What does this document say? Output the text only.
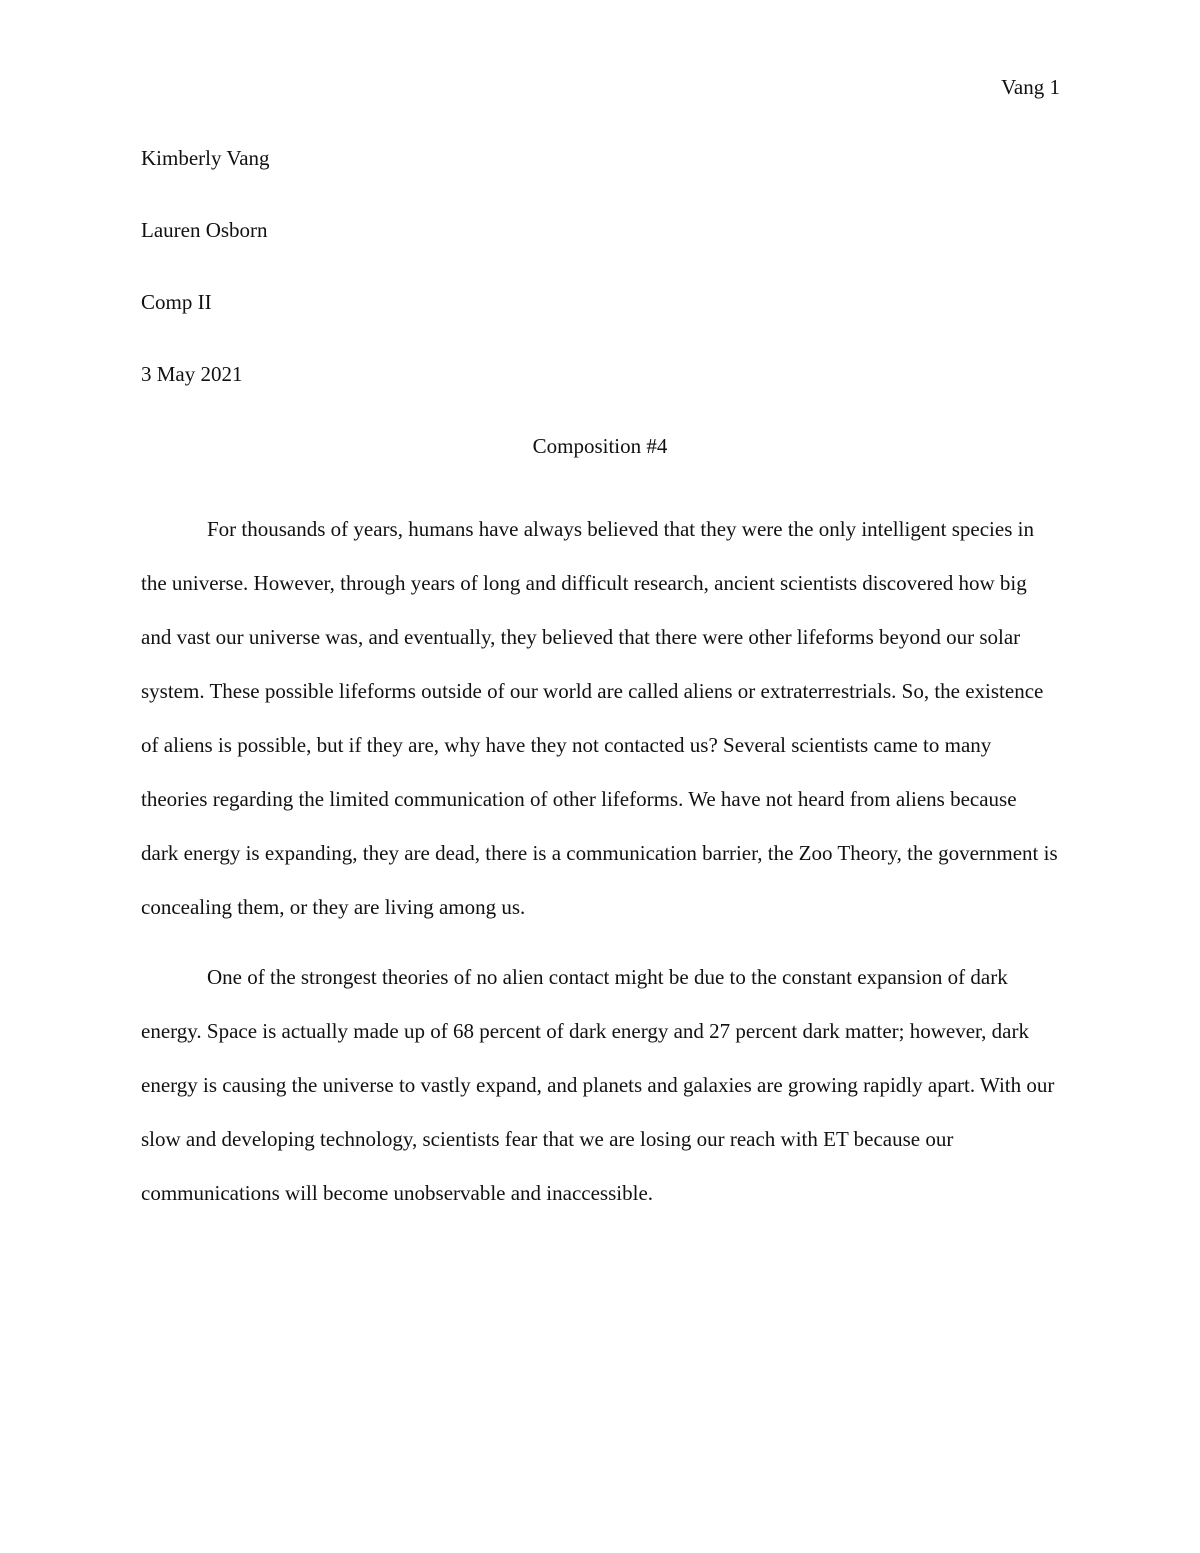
Vang 1

Kimberly Vang

Lauren Osborn

Comp II

3 May 2021

Composition #4

For thousands of years, humans have always believed that they were the only intelligent species in the universe. However, through years of long and difficult research, ancient scientists discovered how big and vast our universe was, and eventually, they believed that there were other lifeforms beyond our solar system. These possible lifeforms outside of our world are called aliens or extraterrestrials. So, the existence of aliens is possible, but if they are, why have they not contacted us? Several scientists came to many theories regarding the limited communication of other lifeforms. We have not heard from aliens because dark energy is expanding, they are dead, there is a communication barrier, the Zoo Theory, the government is concealing them, or they are living among us.

One of the strongest theories of no alien contact might be due to the constant expansion of dark energy. Space is actually made up of 68 percent of dark energy and 27 percent dark matter; however, dark energy is causing the universe to vastly expand, and planets and galaxies are growing rapidly apart. With our slow and developing technology, scientists fear that we are losing our reach with ET because our communications will become unobservable and inaccessible.
